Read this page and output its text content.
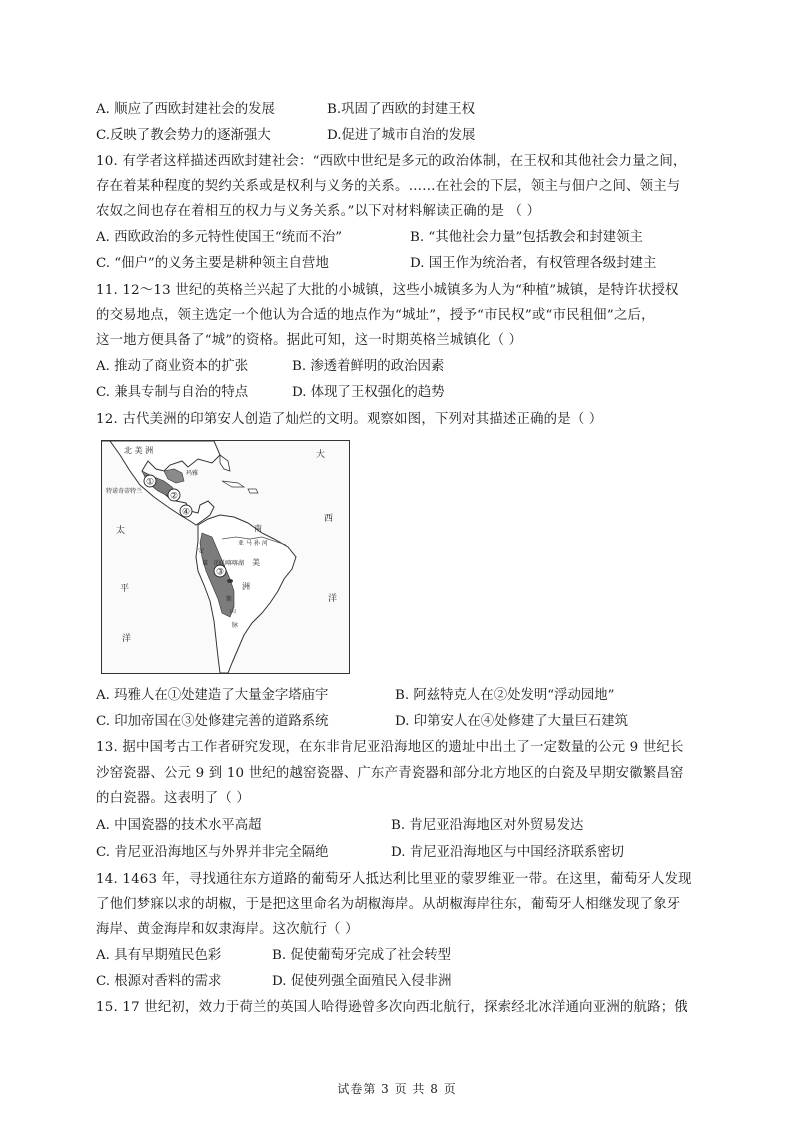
A. 顺应了西欧封建社会的发展	B.巩固了西欧的封建王权
C.反映了教会势力的逐渐强大	D.促进了城市自治的发展
10. 有学者这样描述西欧封建社会：“西欧中世纪是多元的政治体制，在王权和其他社会力量之间，
存在着某种程度的契约关系或是权利与义务的关系。……在社会的下层，领主与佃户之间、领主与
农奴之间也存在着相互的权力与义务关系。”以下对材料解读正确的是 （ ）
A. 西欧政治的多元特性使国王“统而不治”	B. “其他社会力量”包括教会和封建领主
C. “佃户”的义务主要是耕种领主自营地	D. 国王作为统治者，有权管理各级封建主
11. 12～13 世纪的英格兰兴起了大批的小城镇，这些小城镇多为人为“种植”城镇，是特许状授权
的交易地点，领主选定一个他认为合适的地点作为“城址”，授予“市民权”或“市民租佃”之后，
这一地方便具备了“城”的资格。据此可知，这一时期英格兰城镇化（ ）
A. 推动了商业资本的扩张	B. 渗透着鲜明的政治因素
C. 兼具专制与自治的特点	D. 体现了王权强化的趋势
12. 古代美洲的印第安人创造了灿烂的文明。观察如图，下列对其描述正确的是（ ）
①
②
③
④
北 美 洲
玛雅
特诺奇蒂特兰
亚 马 孙 河
的的喀喀湖
大
西
洋
太
平
洋
南
美
洲
安
第
斯
山
脉
A. 玛雅人在①处建造了大量金字塔庙宇	B. 阿兹特克人在②处发明“浮动园地”
C. 印加帝国在③处修建完善的道路系统	D. 印第安人在④处修建了大量巨石建筑
13. 据中国考古工作者研究发现，在东非肯尼亚沿海地区的遗址中出土了一定数量的公元 9 世纪长
沙窑瓷器、公元 9 到 10 世纪的越窑瓷器、广东产青瓷器和部分北方地区的白瓷及早期安徽繁昌窑
的白瓷器。这表明了（ ）
A. 中国瓷器的技术水平高超	B. 肯尼亚沿海地区对外贸易发达
C. 肯尼亚沿海地区与外界并非完全隔绝	D. 肯尼亚沿海地区与中国经济联系密切
14. 1463 年，寻找通往东方道路的葡萄牙人抵达利比里亚的蒙罗维亚一带。在这里，葡萄牙人发现
了他们梦寐以求的胡椒，于是把这里命名为胡椒海岸。从胡椒海岸往东，葡萄牙人相继发现了象牙
海岸、黄金海岸和奴隶海岸。这次航行（ ）
A. 具有早期殖民色彩	B. 促使葡萄牙完成了社会转型
C. 根源对香料的需求	D. 促使列强全面殖民入侵非洲
15. 17 世纪初，效力于荷兰的英国人哈得逊曾多次向西北航行，探索经北冰洋通向亚洲的航路；俄
试卷第 3 页 共 8 页
